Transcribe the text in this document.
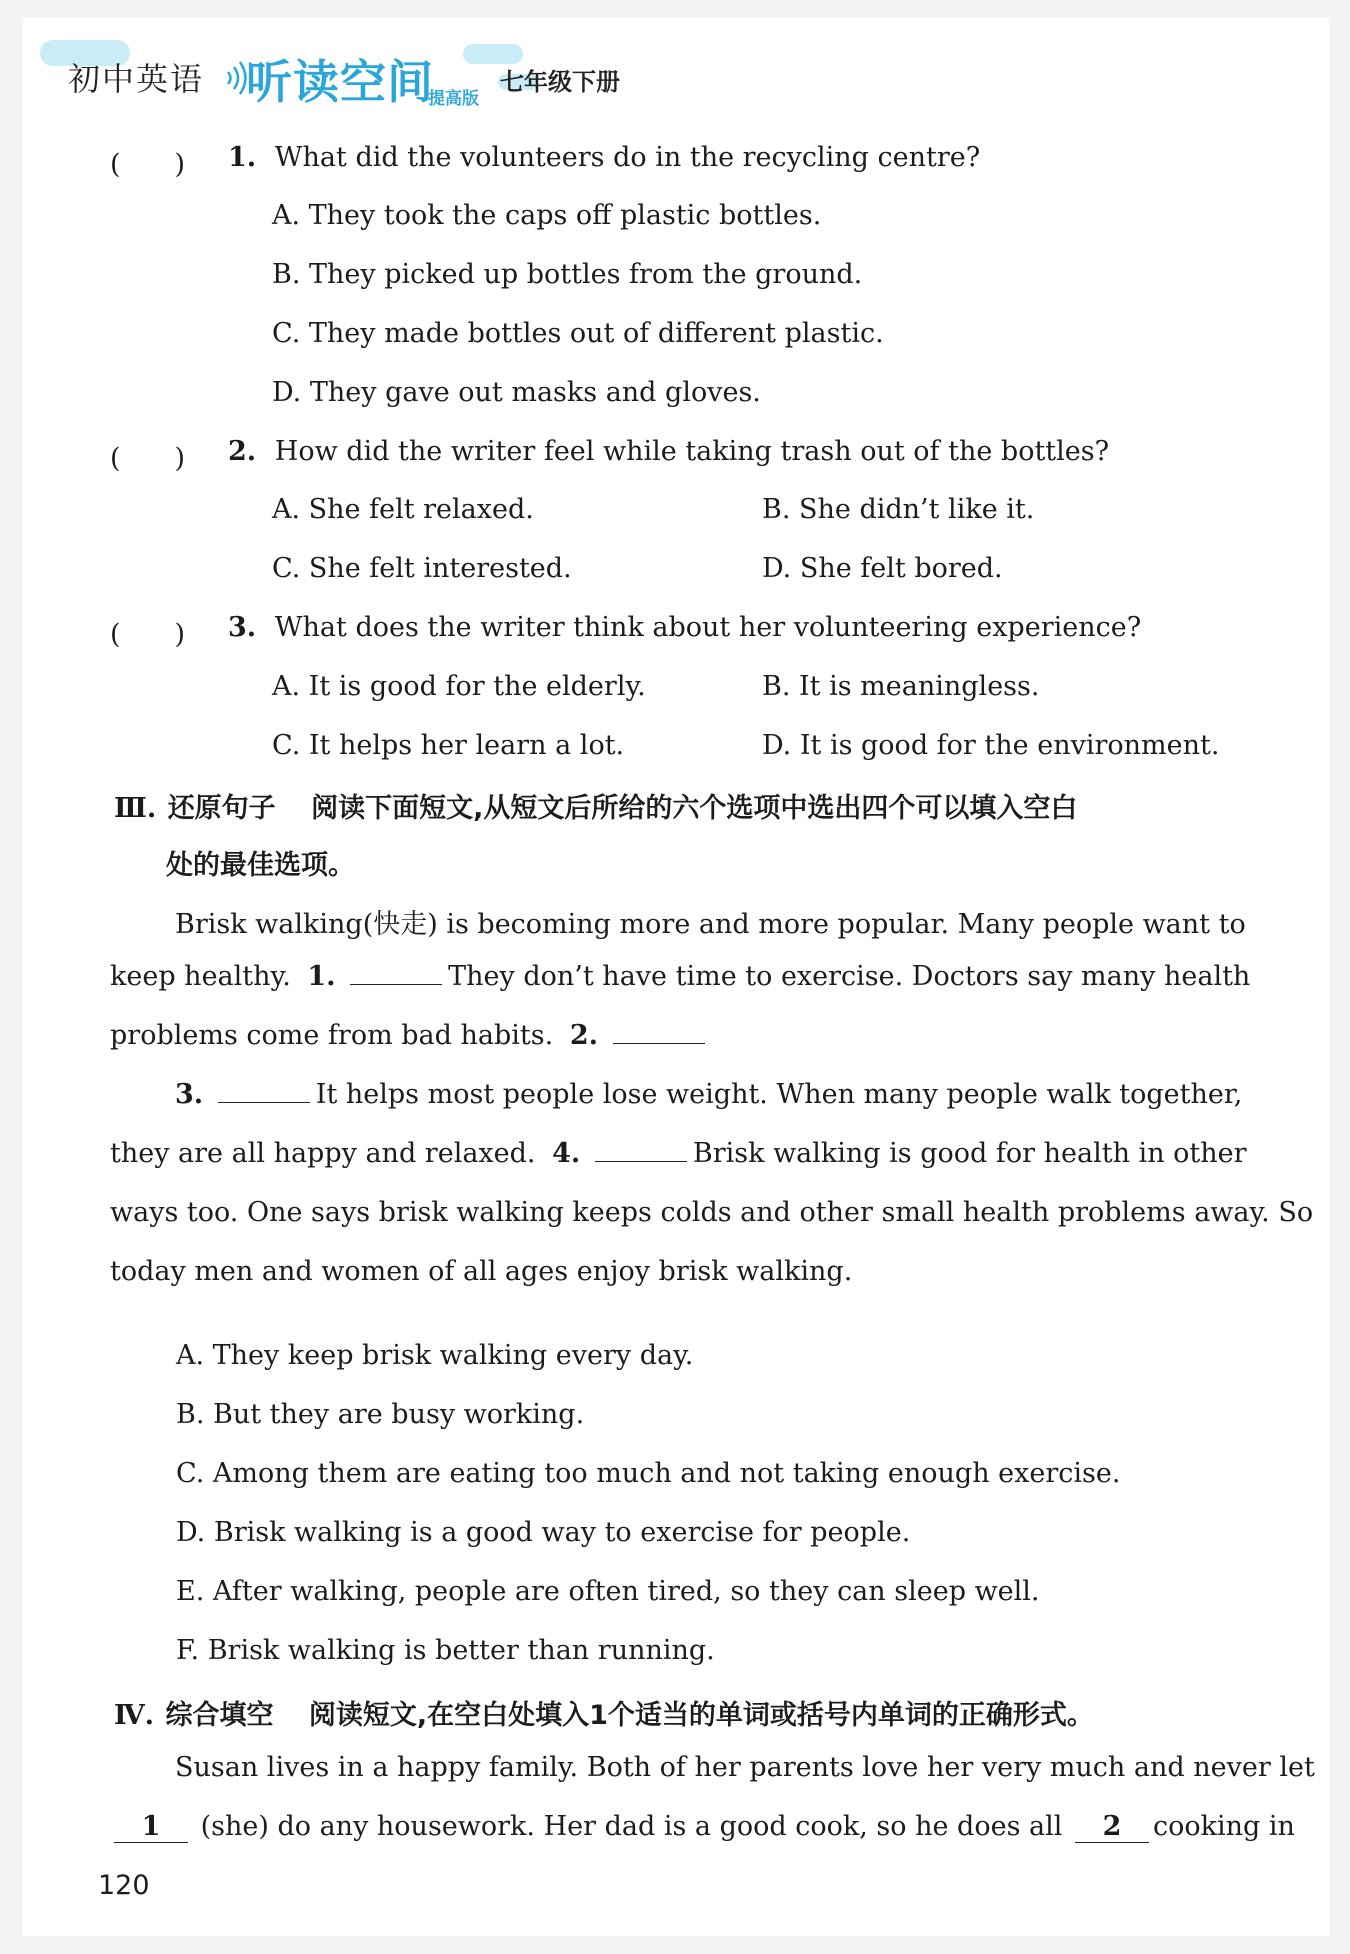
初中英语 听读空间
提高版
七年级下册
(　　) 1. What did the volunteers do in the recycling centre?
A. They took the caps off plastic bottles.
B. They picked up bottles from the ground.
C. They made bottles out of different plastic.
D. They gave out masks and gloves.
(　　) 2. How did the writer feel while taking trash out of the bottles?
A. She felt relaxed.	B. She didn’t like it.
C. She felt interested.	D. She felt bored.
(　　) 3. What does the writer think about her volunteering experience?
A. It is good for the elderly.	B. It is meaningless.
C. It helps her learn a lot.	D. It is good for the environment.
Ⅲ. 还原句子 阅读下面短文,从短文后所给的六个选项中选出四个可以填入空白
处的最佳选项。
Brisk walking(快走) is becoming more and more popular. Many people want to
keep healthy. 1.	They don’t have time to exercise. Doctors say many health
problems come from bad habits. 2.
3.	It helps most people lose weight. When many people walk together,
they are all happy and relaxed. 4.	Brisk walking is good for health in other
ways too. One says brisk walking keeps colds and other small health problems away. So
today men and women of all ages enjoy brisk walking.
A. They keep brisk walking every day.
B. But they are busy working.
C. Among them are eating too much and not taking enough exercise.
D. Brisk walking is a good way to exercise for people.
E. After walking, people are often tired, so they can sleep well.
F. Brisk walking is better than running.
Ⅳ. 综合填空 阅读短文,在空白处填入1个适当的单词或括号内单词的正确形式。
Susan lives in a happy family. Both of her parents love her very much and never let
1 (she) do any housework. Her dad is a good cook, so he does all 2	cooking in
120
